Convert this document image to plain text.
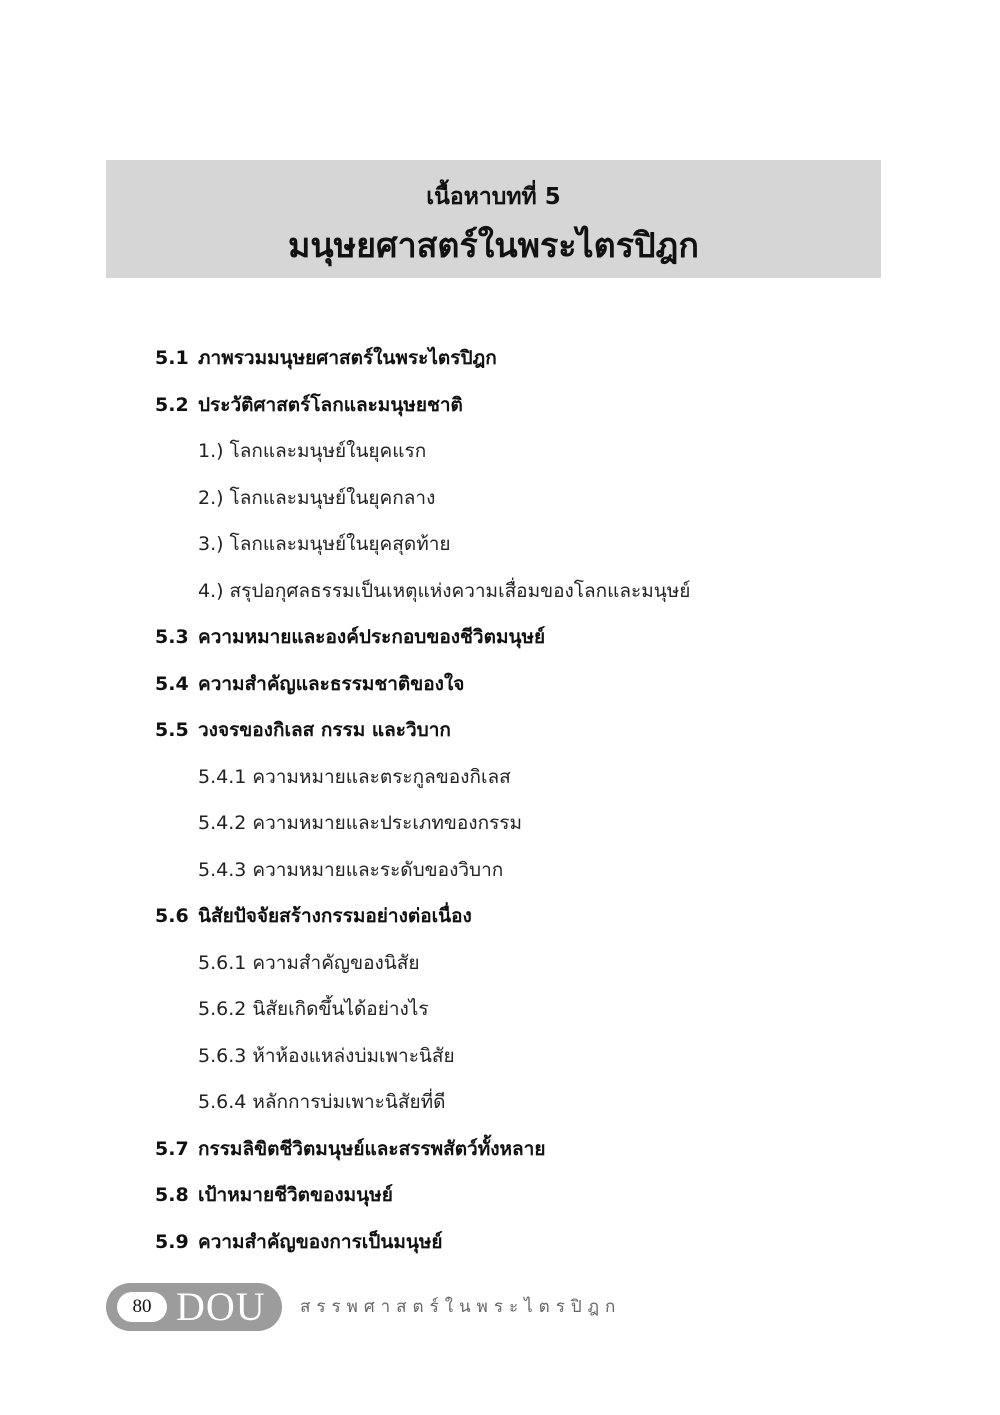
เนื้อหาบทที่ 5
มนุษยศาสตร์ในพระไตรปิฎก
5.1 ภาพรวมมนุษยศาสตร์ในพระไตรปิฎก
5.2 ประวัติศาสตร์โลกและมนุษยชาติ
1.) โลกและมนุษย์ในยุคแรก
2.) โลกและมนุษย์ในยุคกลาง
3.) โลกและมนุษย์ในยุคสุดท้าย
4.) สรุปอกุศลธรรมเป็นเหตุแห่งความเสื่อมของโลกและมนุษย์
5.3 ความหมายและองค์ประกอบของชีวิตมนุษย์
5.4 ความสำคัญและธรรมชาติของใจ
5.5 วงจรของกิเลส กรรม และวิบาก
5.4.1 ความหมายและตระกูลของกิเลส
5.4.2 ความหมายและประเภทของกรรม
5.4.3 ความหมายและระดับของวิบาก
5.6 นิสัยปัจจัยสร้างกรรมอย่างต่อเนื่อง
5.6.1 ความสำคัญของนิสัย
5.6.2 นิสัยเกิดขึ้นได้อย่างไร
5.6.3 ห้าห้องแหล่งบ่มเพาะนิสัย
5.6.4 หลักการบ่มเพาะนิสัยที่ดี
5.7 กรรมลิขิตชีวิตมนุษย์และสรรพสัตว์ทั้งหลาย
5.8 เป้าหมายชีวิตของมนุษย์
5.9 ความสำคัญของการเป็นมนุษย์
80 DOU สรรพศาสตร์ในพระไตรปิฎก
